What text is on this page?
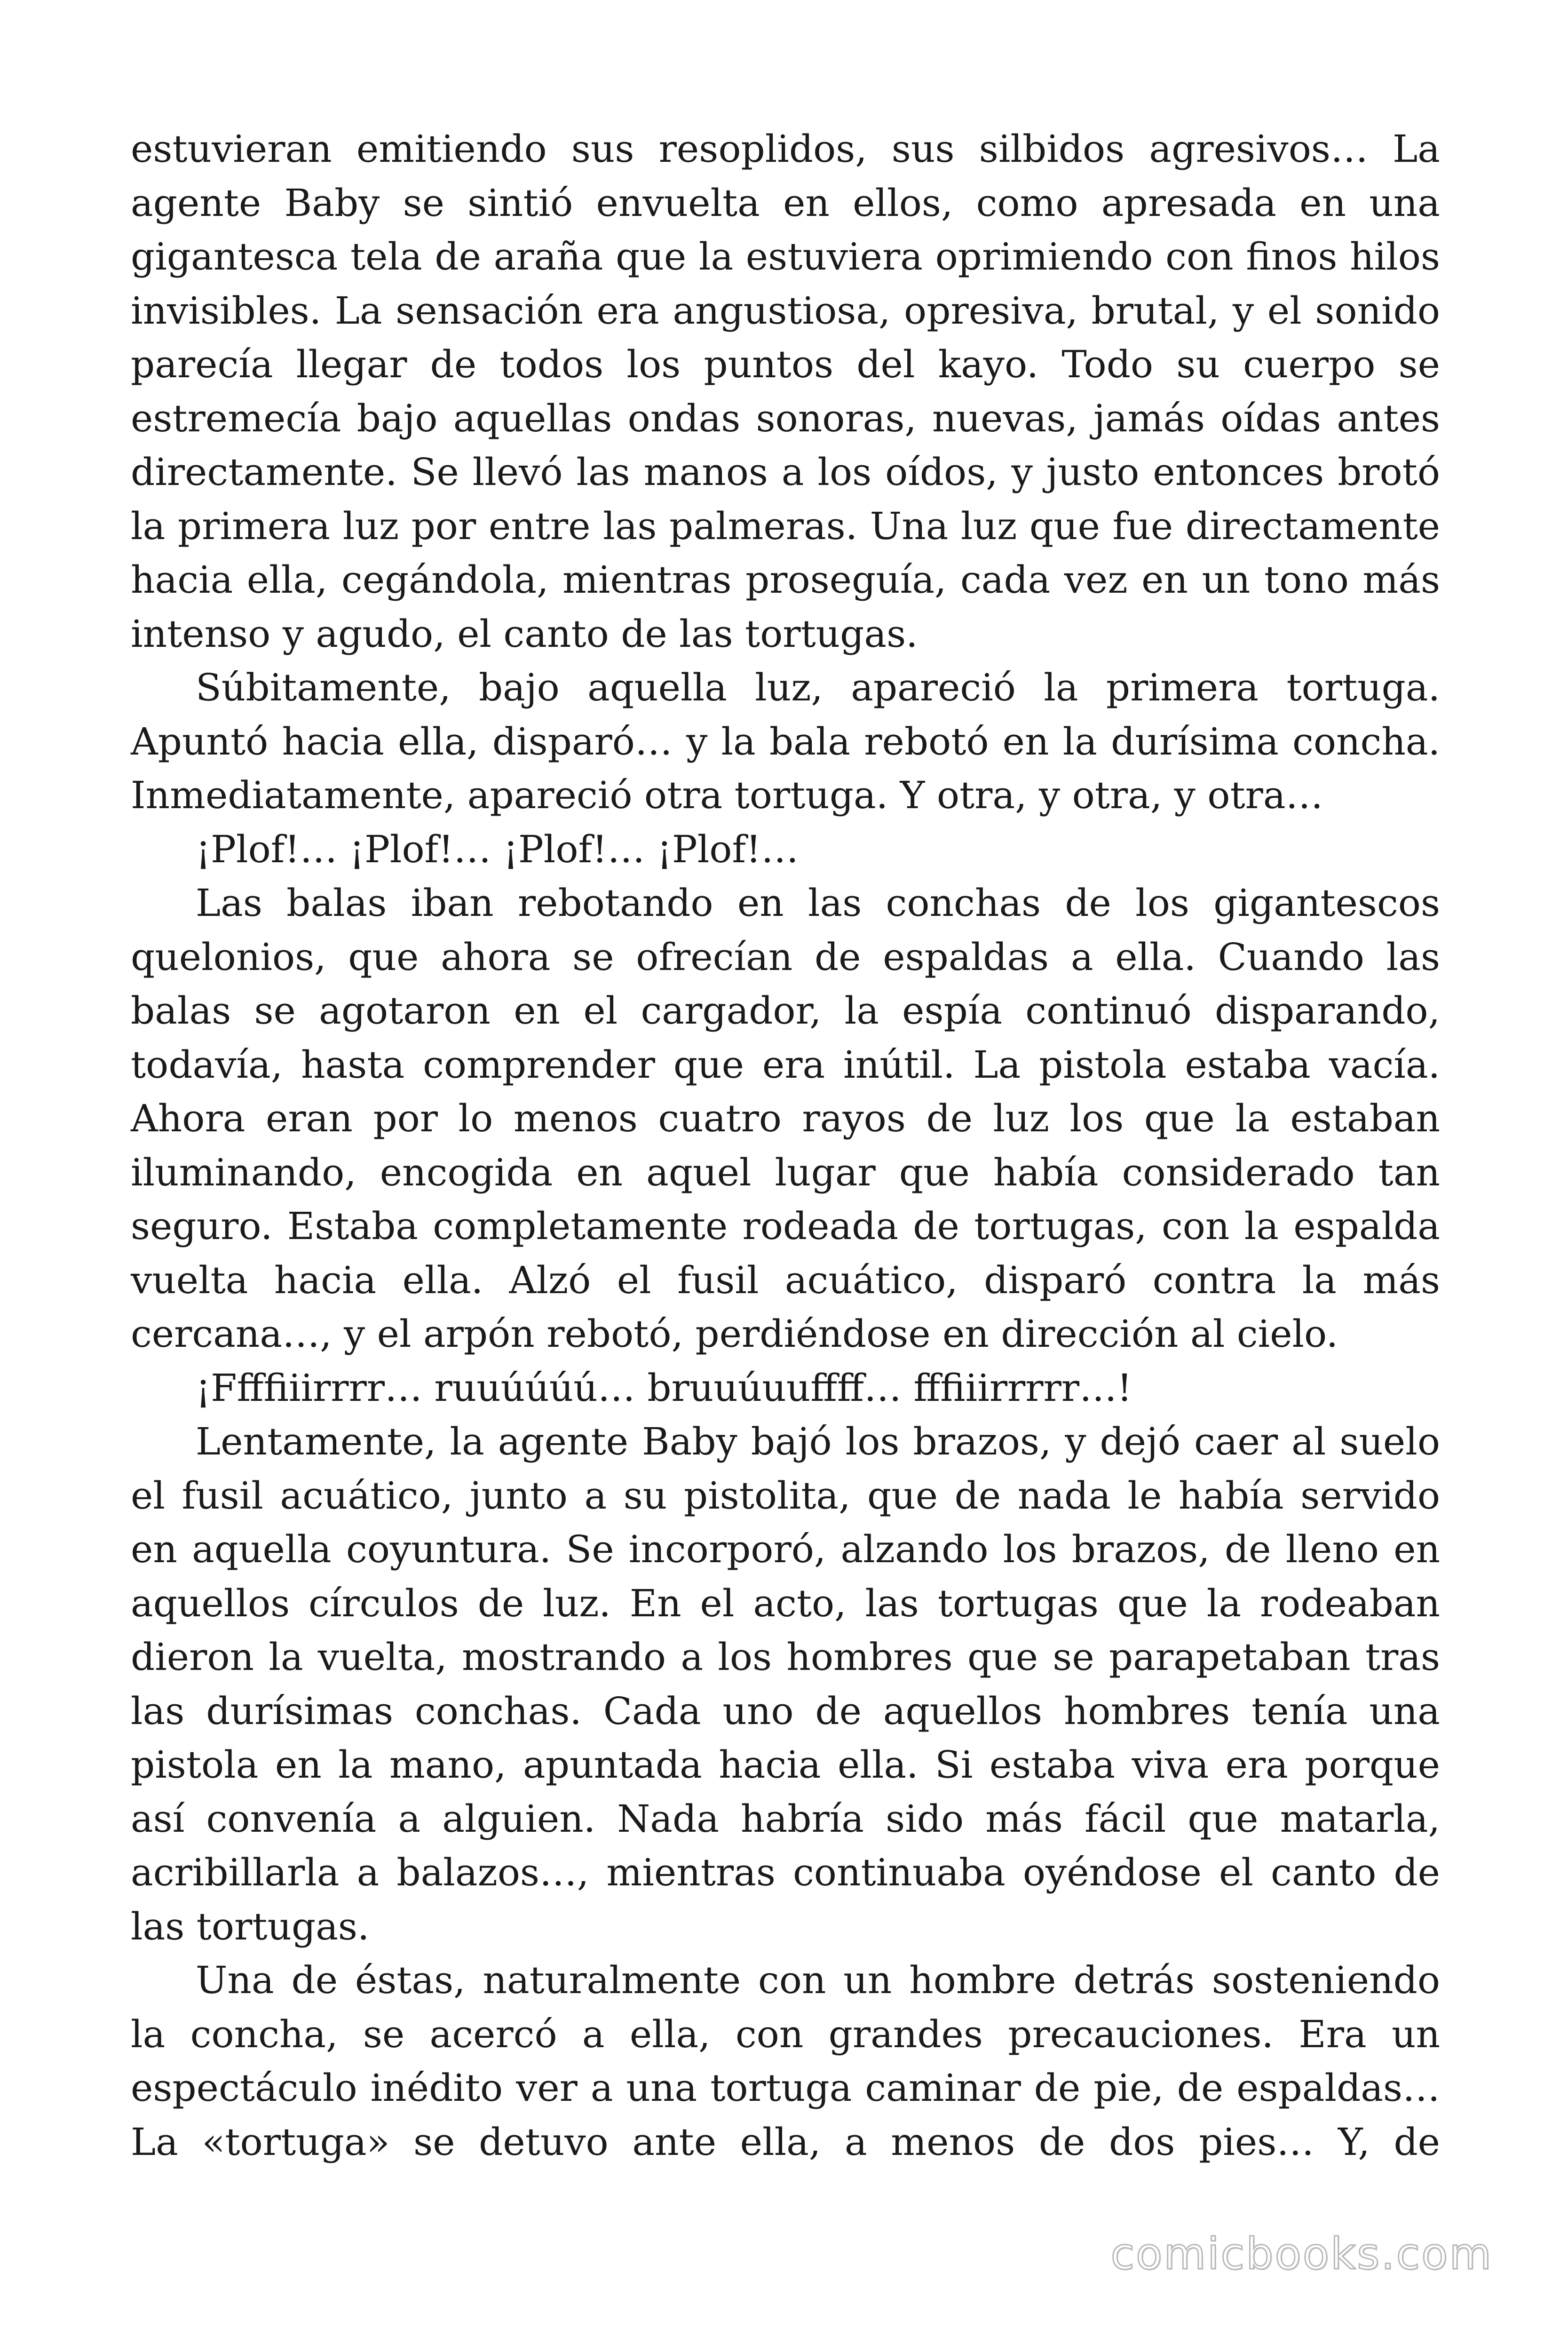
estuvieran emitiendo sus resoplidos, sus silbidos agresivos… La agente Baby se sintió envuelta en ellos, como apresada en una gigantesca tela de araña que la estuviera oprimiendo con finos hilos invisibles. La sensación era angustiosa, opresiva, brutal, y el sonido parecía llegar de todos los puntos del kayo. Todo su cuerpo se estremecía bajo aquellas ondas sonoras, nuevas, jamás oídas antes directamente. Se llevó las manos a los oídos, y justo entonces brotó la primera luz por entre las palmeras. Una luz que fue directamente hacia ella, cegándola, mientras proseguía, cada vez en un tono más intenso y agudo, el canto de las tortugas.

Súbitamente, bajo aquella luz, apareció la primera tortuga. Apuntó hacia ella, disparó… y la bala rebotó en la durísima concha. Inmediatamente, apareció otra tortuga. Y otra, y otra, y otra…

¡Plof!… ¡Plof!… ¡Plof!… ¡Plof!…

Las balas iban rebotando en las conchas de los gigantescos quelonios, que ahora se ofrecían de espaldas a ella. Cuando las balas se agotaron en el cargador, la espía continuó disparando, todavía, hasta comprender que era inútil. La pistola estaba vacía. Ahora eran por lo menos cuatro rayos de luz los que la estaban iluminando, encogida en aquel lugar que había considerado tan seguro. Estaba completamente rodeada de tortugas, con la espalda vuelta hacia ella. Alzó el fusil acuático, disparó contra la más cercana…, y el arpón rebotó, perdiéndose en dirección al cielo.

¡Ffffiiirrrr… ruuúúúú… bruuúuuffff… fffiiirrrrr…!

Lentamente, la agente Baby bajó los brazos, y dejó caer al suelo el fusil acuático, junto a su pistolita, que de nada le había servido en aquella coyuntura. Se incorporó, alzando los brazos, de lleno en aquellos círculos de luz. En el acto, las tortugas que la rodeaban dieron la vuelta, mostrando a los hombres que se parapetaban tras las durísimas conchas. Cada uno de aquellos hombres tenía una pistola en la mano, apuntada hacia ella. Si estaba viva era porque así convenía a alguien. Nada habría sido más fácil que matarla, acribillarla a balazos…, mientras continuaba oyéndose el canto de las tortugas.

Una de éstas, naturalmente con un hombre detrás sosteniendo la concha, se acercó a ella, con grandes precauciones. Era un espectáculo inédito ver a una tortuga caminar de pie, de espaldas… La «tortuga» se detuvo ante ella, a menos de dos pies… Y, de

comicbooks.com
